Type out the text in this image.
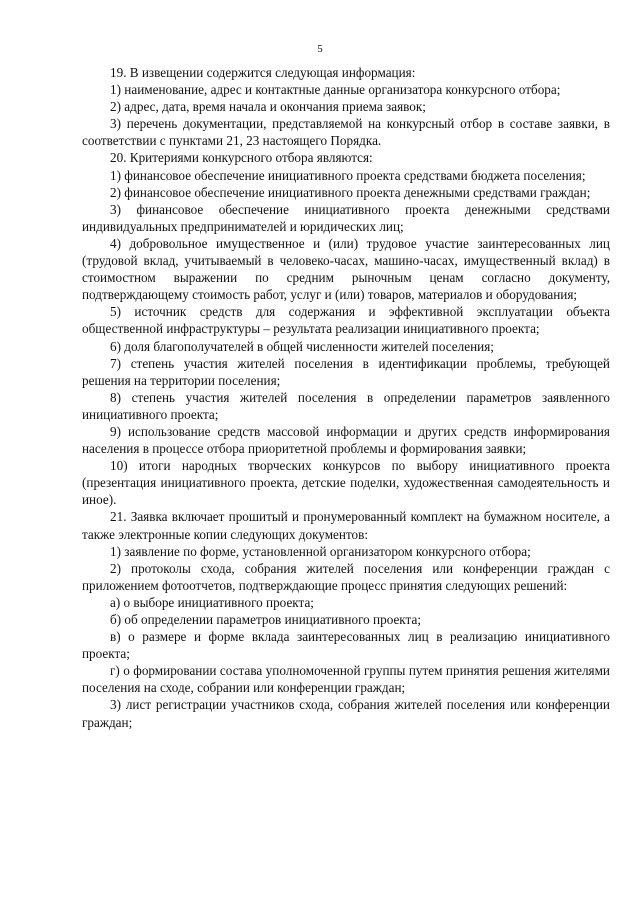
5

19. В извещении содержится следующая информация:

1) наименование, адрес и контактные данные организатора конкурсного отбора;

2) адрес, дата, время начала и окончания приема заявок;

3) перечень документации, представляемой на конкурсный отбор в составе заявки, в соответствии с пунктами 21, 23 настоящего Порядка.

20. Критериями конкурсного отбора являются:

1) финансовое обеспечение инициативного проекта средствами бюджета поселения;

2) финансовое обеспечение инициативного проекта денежными средствами граждан;

3) финансовое обеспечение инициативного проекта денежными средствами индивидуальных предпринимателей и юридических лиц;

4) добровольное имущественное и (или) трудовое участие заинтересованных лиц (трудовой вклад, учитываемый в человеко-часах, машино-часах, имущественный вклад) в стоимостном выражении по средним рыночным ценам согласно документу, подтверждающему стоимость работ, услуг и (или) товаров, материалов и оборудования;

5) источник средств для содержания и эффективной эксплуатации объекта общественной инфраструктуры – результата реализации инициативного проекта;

6) доля благополучателей в общей численности жителей поселения;

7) степень участия жителей поселения в идентификации проблемы, требующей решения на территории поселения;

8) степень участия жителей поселения в определении параметров заявленного инициативного проекта;

9) использование средств массовой информации и других средств информирования населения в процессе отбора приоритетной проблемы и формирования заявки;

10) итоги народных творческих конкурсов по выбору инициативного проекта (презентация инициативного проекта, детские поделки, художественная самодеятельность и иное).

21. Заявка включает прошитый и пронумерованный комплект на бумажном носителе, а также электронные копии следующих документов:

1) заявление по форме, установленной организатором конкурсного отбора;

2) протоколы схода, собрания жителей поселения или конференции граждан с приложением фотоотчетов, подтверждающие процесс принятия следующих решений:

а) о выборе инициативного проекта;

б) об определении параметров инициативного проекта;

в) о размере и форме вклада заинтересованных лиц в реализацию инициативного проекта;

г) о формировании состава уполномоченной группы путем принятия решения жителями поселения на сходе, собрании или конференции граждан;

3) лист регистрации участников схода, собрания жителей поселения или конференции граждан;
